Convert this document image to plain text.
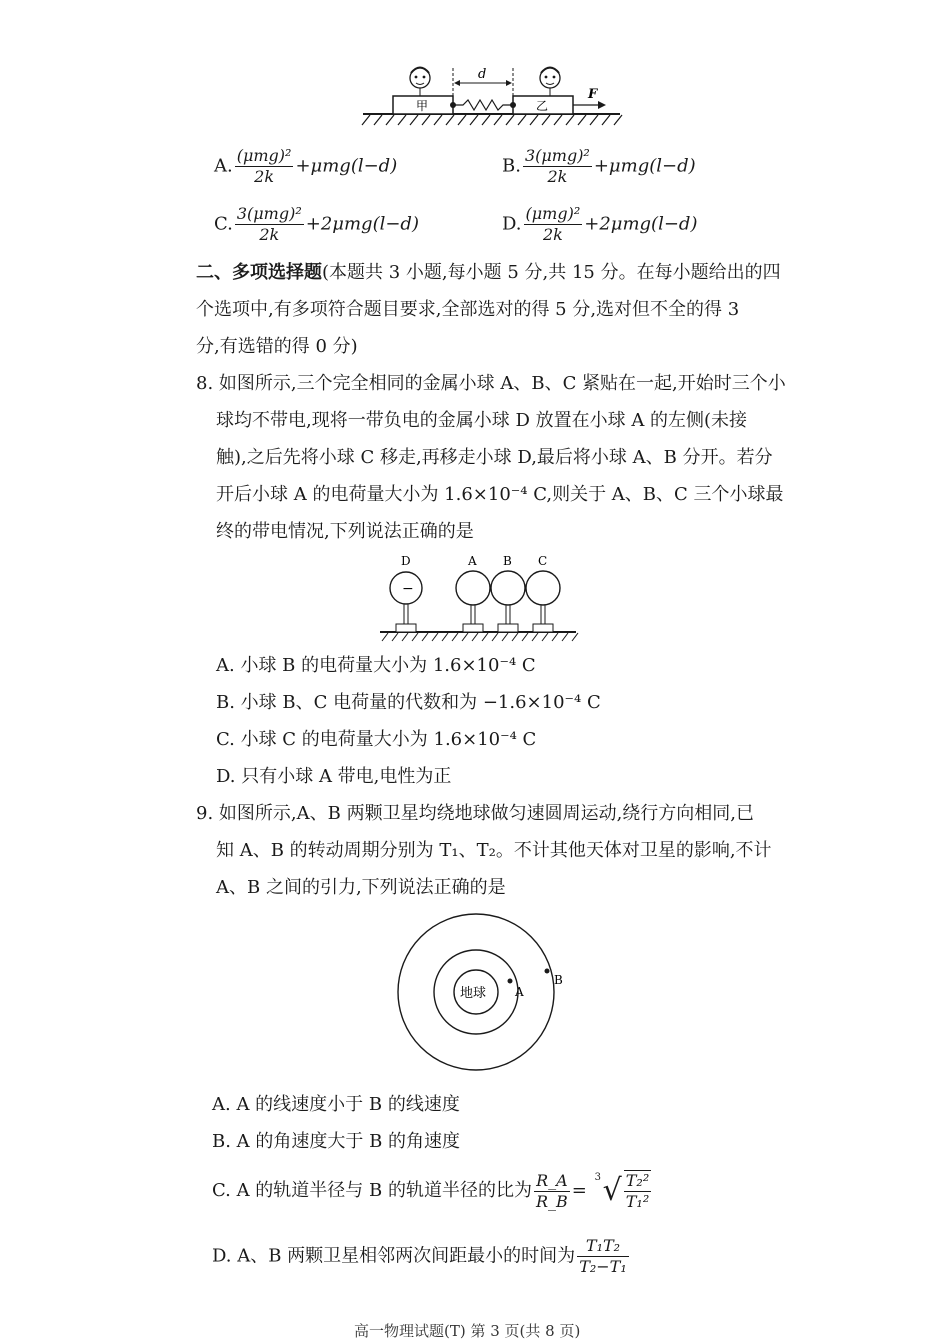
甲	乙
d
F
A. $\frac{\text{(μmg)²}}{2k} +\mu mg(l-d)$	B. $\frac{\text{3(μmg)²}}{2k} +\mu mg(l-d)$
C. $\frac{\text{3(μmg)²}}{2k} +2\mu mg(l-d)$	D. $\frac{\text{(μmg)²}}{2k} +2\mu mg(l-d)$
二、多项选择题(本题共 3 小题,每小题 5 分,共 15 分。在每小题给出的四
个选项中,有多项符合题目要求,全部选对的得 5 分,选对但不全的得 3
分,有选错的得 0 分)
8. 如图所示,三个完全相同的金属小球 A、B、C 紧贴在一起,开始时三个小
球均不带电,现将一带负电的金属小球 D 放置在小球 A 的左侧(未接
触),之后先将小球 C 移走,再移走小球 D,最后将小球 A、B 分开。若分
开后小球 A 的电荷量大小为 1.6×10⁻⁴ C,则关于 A、B、C 三个小球最
终的带电情况,下列说法正确的是
D
−
A B C
A. 小球 B 的电荷量大小为 1.6×10⁻⁴ C
B. 小球 B、C 电荷量的代数和为 −1.6×10⁻⁴ C
C. 小球 C 的电荷量大小为 1.6×10⁻⁴ C
D. 只有小球 A 带电,电性为正
9. 如图所示,A、B 两颗卫星均绕地球做匀速圆周运动,绕行方向相同,已
知 A、B 的转动周期分别为 T₁、T₂。不计其他天体对卫星的影响,不计
A、B 之间的引力,下列说法正确的是
地球 A
B
A. A 的线速度小于 B 的线速度
B. A 的角速度大于 B 的角速度
C. A 的轨道半径与 B 的轨道半径的比为 $\frac{R\_A}{R\_B}$ =
3 √ $\frac{\text{T₂²}}{\text{T₁²}}$
D. A、B 两颗卫星相邻两次间距最小的时间为 $\frac{\text{T₁T₂}}{\text{T₂−T₁}}$
高一物理试题(T) 第 3 页(共 8 页)
